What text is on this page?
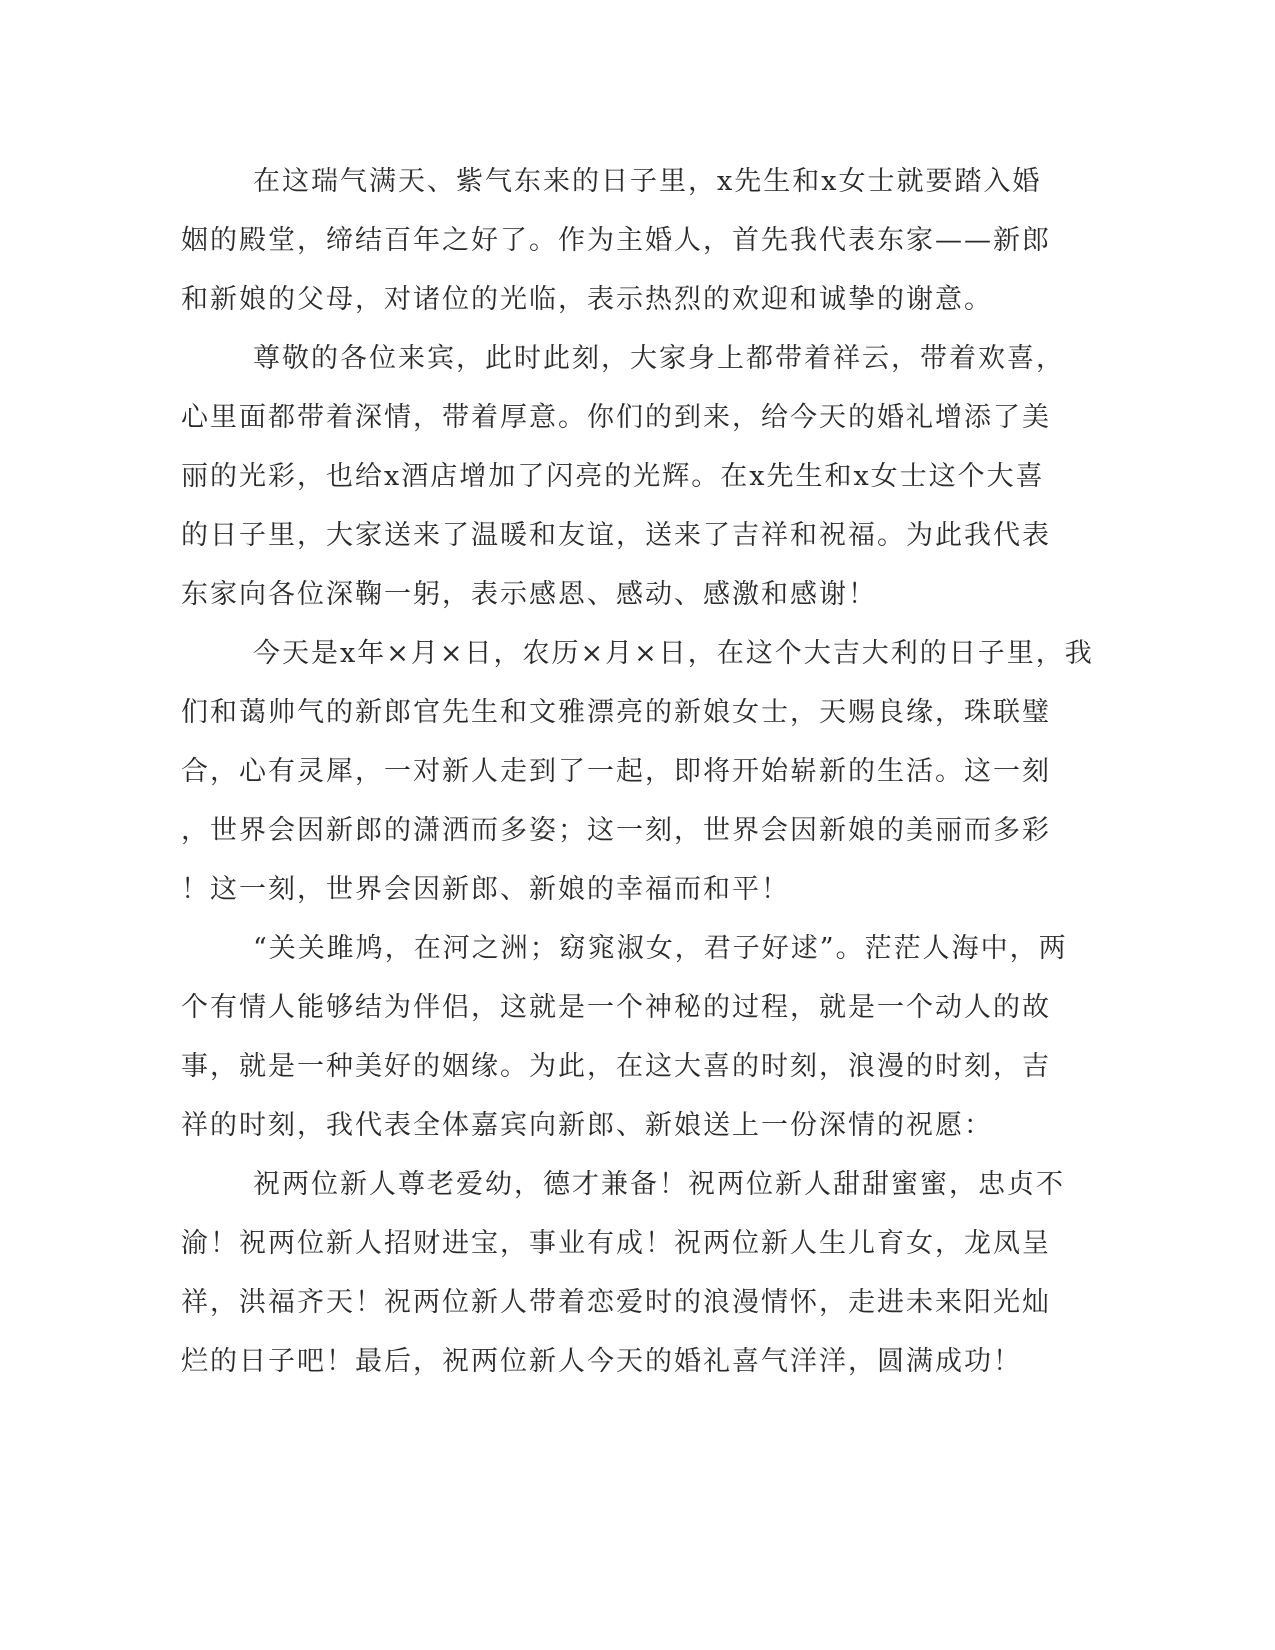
在这瑞气满天、紫气东来的日子里，x先生和x女士就要踏入婚
姻的殿堂，缔结百年之好了。作为主婚人，首先我代表东家——新郎
和新娘的父母，对诸位的光临，表示热烈的欢迎和诚挚的谢意。
尊敬的各位来宾，此时此刻，大家身上都带着祥云，带着欢喜，
心里面都带着深情，带着厚意。你们的到来，给今天的婚礼增添了美
丽的光彩，也给x酒店增加了闪亮的光辉。在x先生和x女士这个大喜
的日子里，大家送来了温暖和友谊，送来了吉祥和祝福。为此我代表
东家向各位深鞠一躬，表示感恩、感动、感激和感谢！
今天是x年×月×日，农历×月×日，在这个大吉大利的日子里，我
们和蔼帅气的新郎官先生和文雅漂亮的新娘女士，天赐良缘，珠联璧
合，心有灵犀，一对新人走到了一起，即将开始崭新的生活。这一刻
，世界会因新郎的潇洒而多姿；这一刻，世界会因新娘的美丽而多彩
！这一刻，世界会因新郎、新娘的幸福而和平！
“关关雎鸠，在河之洲；窈窕淑女，君子好逑”。茫茫人海中，两
个有情人能够结为伴侣，这就是一个神秘的过程，就是一个动人的故
事，就是一种美好的姻缘。为此，在这大喜的时刻，浪漫的时刻，吉
祥的时刻，我代表全体嘉宾向新郎、新娘送上一份深情的祝愿：
祝两位新人尊老爱幼，德才兼备！祝两位新人甜甜蜜蜜，忠贞不
渝！祝两位新人招财进宝，事业有成！祝两位新人生儿育女，龙凤呈
祥，洪福齐天！祝两位新人带着恋爱时的浪漫情怀，走进未来阳光灿
烂的日子吧！最后，祝两位新人今天的婚礼喜气洋洋，圆满成功！
